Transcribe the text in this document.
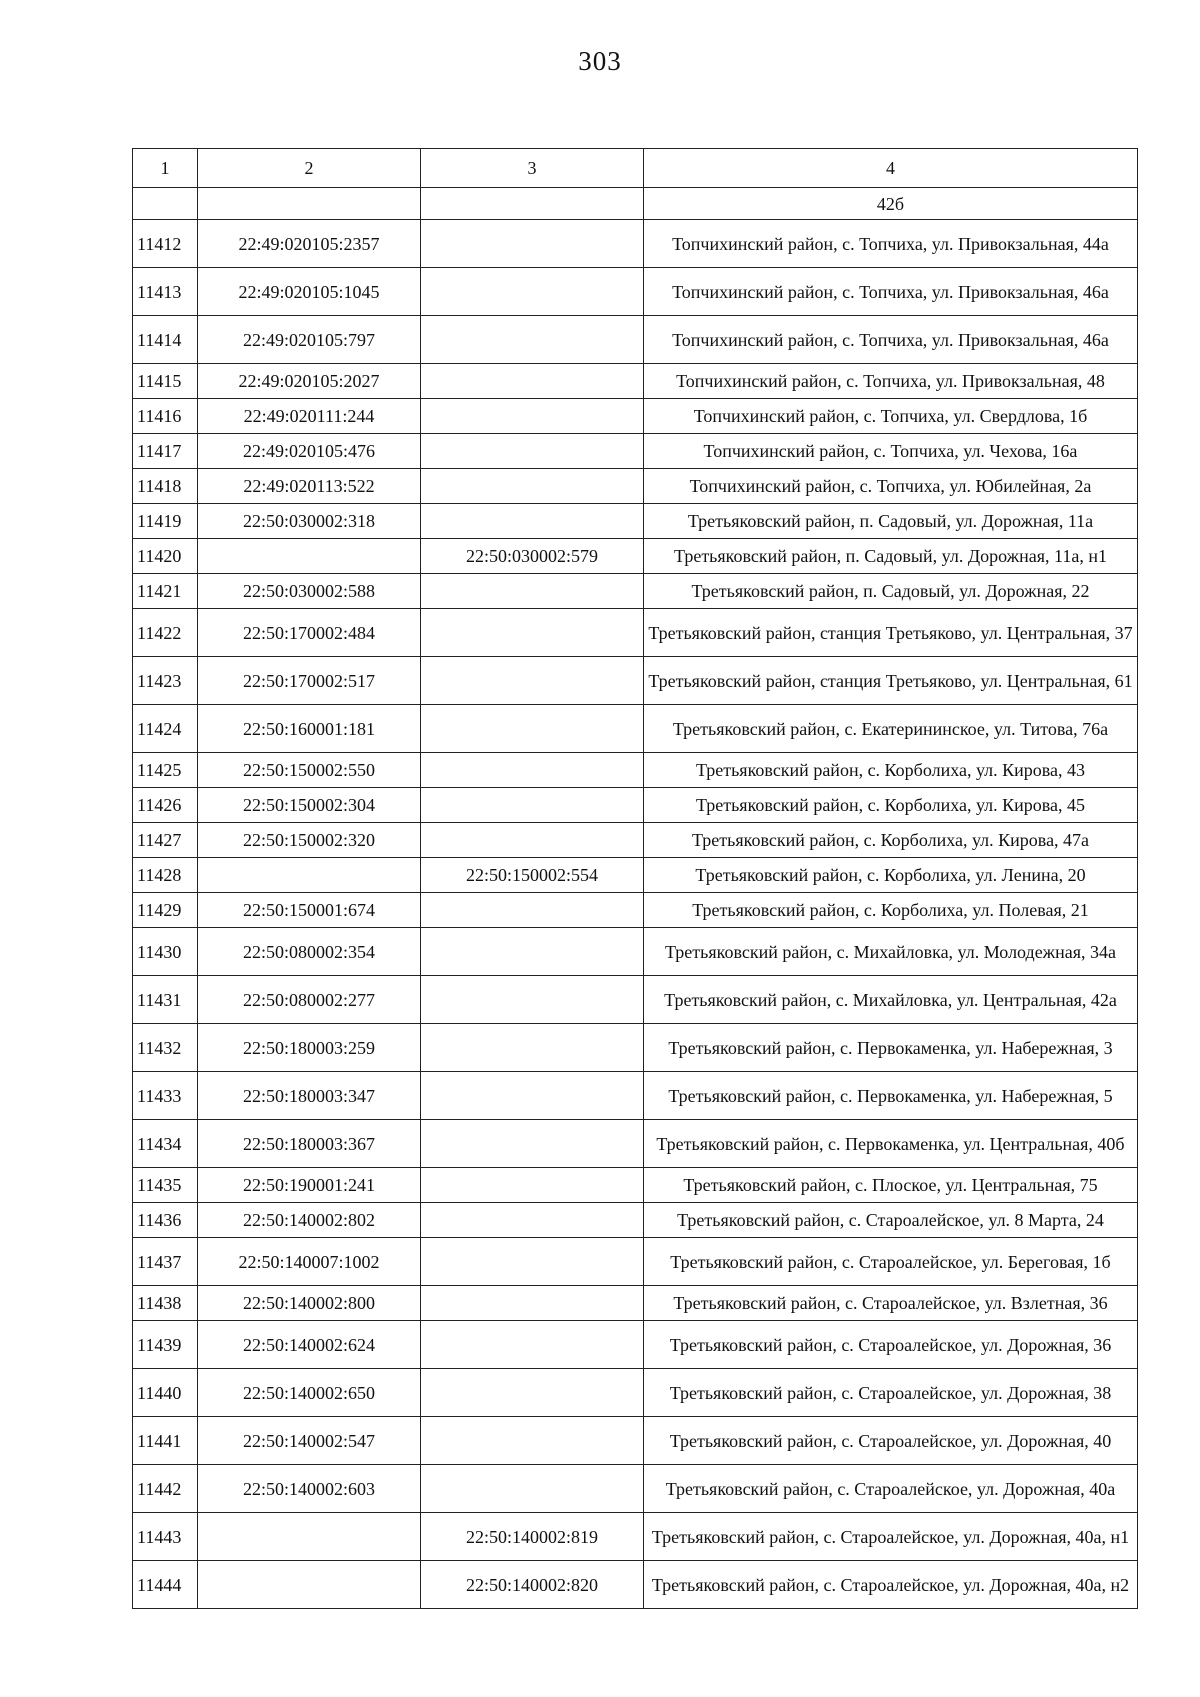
303
1	2	3	4
			42б
11412	22:49:020105:2357		Топчихинский район, с. Топчиха, ул. Привокзальная, 44а
11413	22:49:020105:1045		Топчихинский район, с. Топчиха, ул. Привокзальная, 46а
11414	22:49:020105:797		Топчихинский район, с. Топчиха, ул. Привокзальная, 46а
11415	22:49:020105:2027		Топчихинский район, с. Топчиха, ул. Привокзальная, 48
11416	22:49:020111:244		Топчихинский район, с. Топчиха, ул. Свердлова, 1б
11417	22:49:020105:476		Топчихинский район, с. Топчиха, ул. Чехова, 16а
11418	22:49:020113:522		Топчихинский район, с. Топчиха, ул. Юбилейная, 2а
11419	22:50:030002:318		Третьяковский район, п. Садовый, ул. Дорожная, 11а
11420		22:50:030002:579	Третьяковский район, п. Садовый, ул. Дорожная, 11а, н1
11421	22:50:030002:588		Третьяковский район, п. Садовый, ул. Дорожная, 22
11422	22:50:170002:484		Третьяковский район, станция Третьяково, ул. Центральная, 37
11423	22:50:170002:517		Третьяковский район, станция Третьяково, ул. Центральная, 61
11424	22:50:160001:181		Третьяковский район, с. Екатерининское, ул. Титова, 76а
11425	22:50:150002:550		Третьяковский район, с. Корболиха, ул. Кирова, 43
11426	22:50:150002:304		Третьяковский район, с. Корболиха, ул. Кирова, 45
11427	22:50:150002:320		Третьяковский район, с. Корболиха, ул. Кирова, 47а
11428		22:50:150002:554	Третьяковский район, с. Корболиха, ул. Ленина, 20
11429	22:50:150001:674		Третьяковский район, с. Корболиха, ул. Полевая, 21
11430	22:50:080002:354		Третьяковский район, с. Михайловка, ул. Молодежная, 34а
11431	22:50:080002:277		Третьяковский район, с. Михайловка, ул. Центральная, 42а
11432	22:50:180003:259		Третьяковский район, с. Первокаменка, ул. Набережная, 3
11433	22:50:180003:347		Третьяковский район, с. Первокаменка, ул. Набережная, 5
11434	22:50:180003:367		Третьяковский район, с. Первокаменка, ул. Центральная, 40б
11435	22:50:190001:241		Третьяковский район, с. Плоское, ул. Центральная, 75
11436	22:50:140002:802		Третьяковский район, с. Староалейское, ул. 8 Марта, 24
11437	22:50:140007:1002		Третьяковский район, с. Староалейское, ул. Береговая, 1б
11438	22:50:140002:800		Третьяковский район, с. Староалейское, ул. Взлетная, 36
11439	22:50:140002:624		Третьяковский район, с. Староалейское, ул. Дорожная, 36
11440	22:50:140002:650		Третьяковский район, с. Староалейское, ул. Дорожная, 38
11441	22:50:140002:547		Третьяковский район, с. Староалейское, ул. Дорожная, 40
11442	22:50:140002:603		Третьяковский район, с. Староалейское, ул. Дорожная, 40а
11443		22:50:140002:819	Третьяковский район, с. Староалейское, ул. Дорожная, 40а, н1
11444		22:50:140002:820	Третьяковский район, с. Староалейское, ул. Дорожная, 40а, н2
